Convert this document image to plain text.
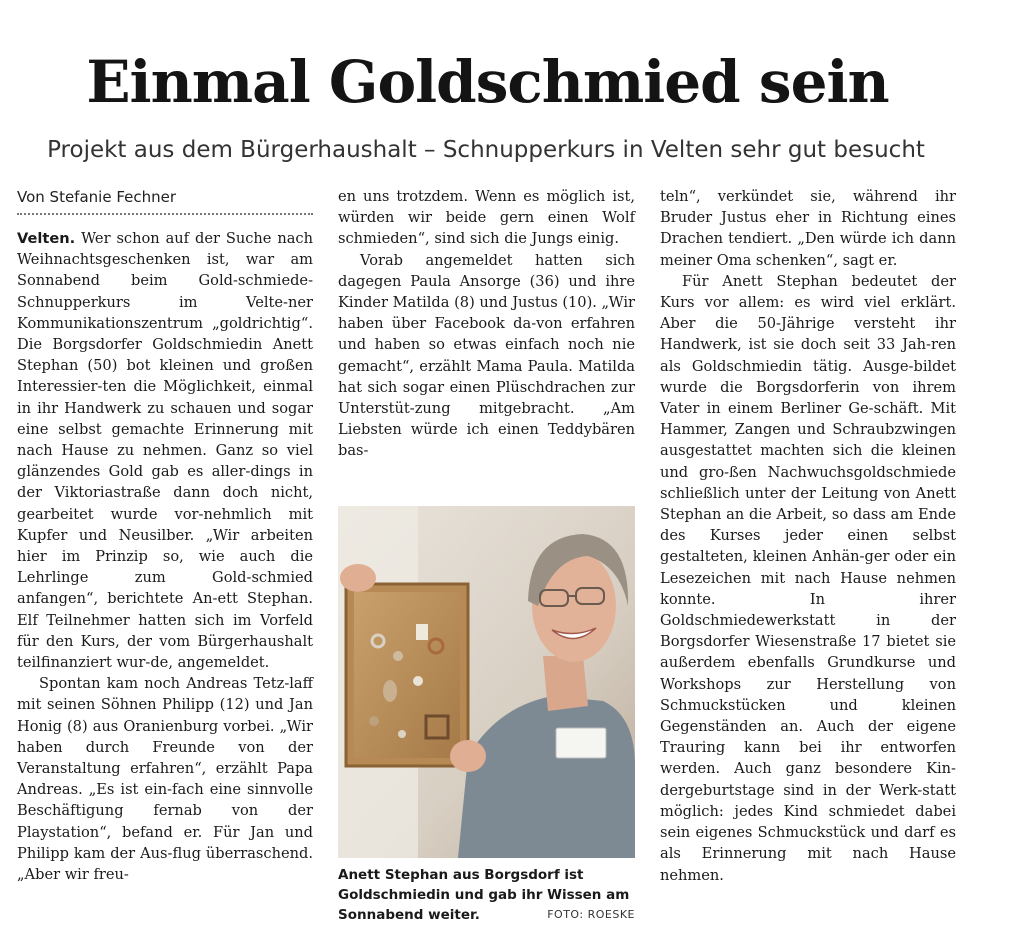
Einmal Goldschmied sein
Projekt aus dem Bürgerhaushalt – Schnupperkurs in Velten sehr gut besucht
Von Stefanie Fechner

Velten. Wer schon auf der Suche nach Weihnachtsgeschenken ist, war am Sonnabend beim Gold-schmiede-Schnupperkurs im Velte-ner Kommunikationszentrum „goldrichtig“. Die Borgsdorfer Goldschmiedin Anett Stephan (50) bot kleinen und großen Interessier-ten die Möglichkeit, einmal in ihr Handwerk zu schauen und sogar eine selbst gemachte Erinnerung mit nach Hause zu nehmen. Ganz so viel glänzendes Gold gab es aller-dings in der Viktoriastraße dann doch nicht, gearbeitet wurde vor-nehmlich mit Kupfer und Neusilber. „Wir arbeiten hier im Prinzip so, wie auch die Lehrlinge zum Gold-schmied anfangen“, berichtete An-ett Stephan. Elf Teilnehmer hatten sich im Vorfeld für den Kurs, der vom Bürgerhaushalt teilfinanziert wur-de, angemeldet.

Spontan kam noch Andreas Tetz-laff mit seinen Söhnen Philipp (12) und Jan Honig (8) aus Oranienburg vorbei. „Wir haben durch Freunde von der Veranstaltung erfahren“, erzählt Papa Andreas. „Es ist ein-fach eine sinnvolle Beschäftigung fernab von der Playstation“, befand er. Für Jan und Philipp kam der Aus-flug überraschend. „Aber wir freu-

en uns trotzdem. Wenn es möglich ist, würden wir beide gern einen Wolf schmieden“, sind sich die Jungs einig.

Vorab angemeldet hatten sich dagegen Paula Ansorge (36) und ihre Kinder Matilda (8) und Justus (10). „Wir haben über Facebook da-von erfahren und haben so etwas einfach noch nie gemacht“, erzählt Mama Paula. Matilda hat sich sogar einen Plüschdrachen zur Unterstüt-zung mitgebracht. „Am Liebsten würde ich einen Teddybären bas-

Anett Stephan aus Borgsdorf ist Goldschmiedin und gab ihr Wissen am Sonnabend weiter.	FOTO: ROESKE

teln“, verkündet sie, während ihr Bruder Justus eher in Richtung eines Drachen tendiert. „Den würde ich dann meiner Oma schenken“, sagt er.

Für Anett Stephan bedeutet der Kurs vor allem: es wird viel erklärt. Aber die 50-Jährige versteht ihr Handwerk, ist sie doch seit 33 Jah-ren als Goldschmiedin tätig. Ausge-bildet wurde die Borgsdorferin von ihrem Vater in einem Berliner Ge-schäft. Mit Hammer, Zangen und Schraubzwingen ausgestattet machten sich die kleinen und gro-ßen Nachwuchsgoldschmiede schließlich unter der Leitung von Anett Stephan an die Arbeit, so dass am Ende des Kurses jeder einen selbst gestalteten, kleinen Anhän-ger oder ein Lesezeichen mit nach Hause nehmen konnte. In ihrer Goldschmiedewerkstatt in der Borgsdorfer Wiesenstraße 17 bietet sie außerdem ebenfalls Grundkurse und Workshops zur Herstellung von Schmuckstücken und kleinen Gegenständen an. Auch der eigene Trauring kann bei ihr entworfen werden. Auch ganz besondere Kin-dergeburtstage sind in der Werk-statt möglich: jedes Kind schmiedet dabei sein eigenes Schmuckstück und darf es als Erinnerung mit nach Hause nehmen.
